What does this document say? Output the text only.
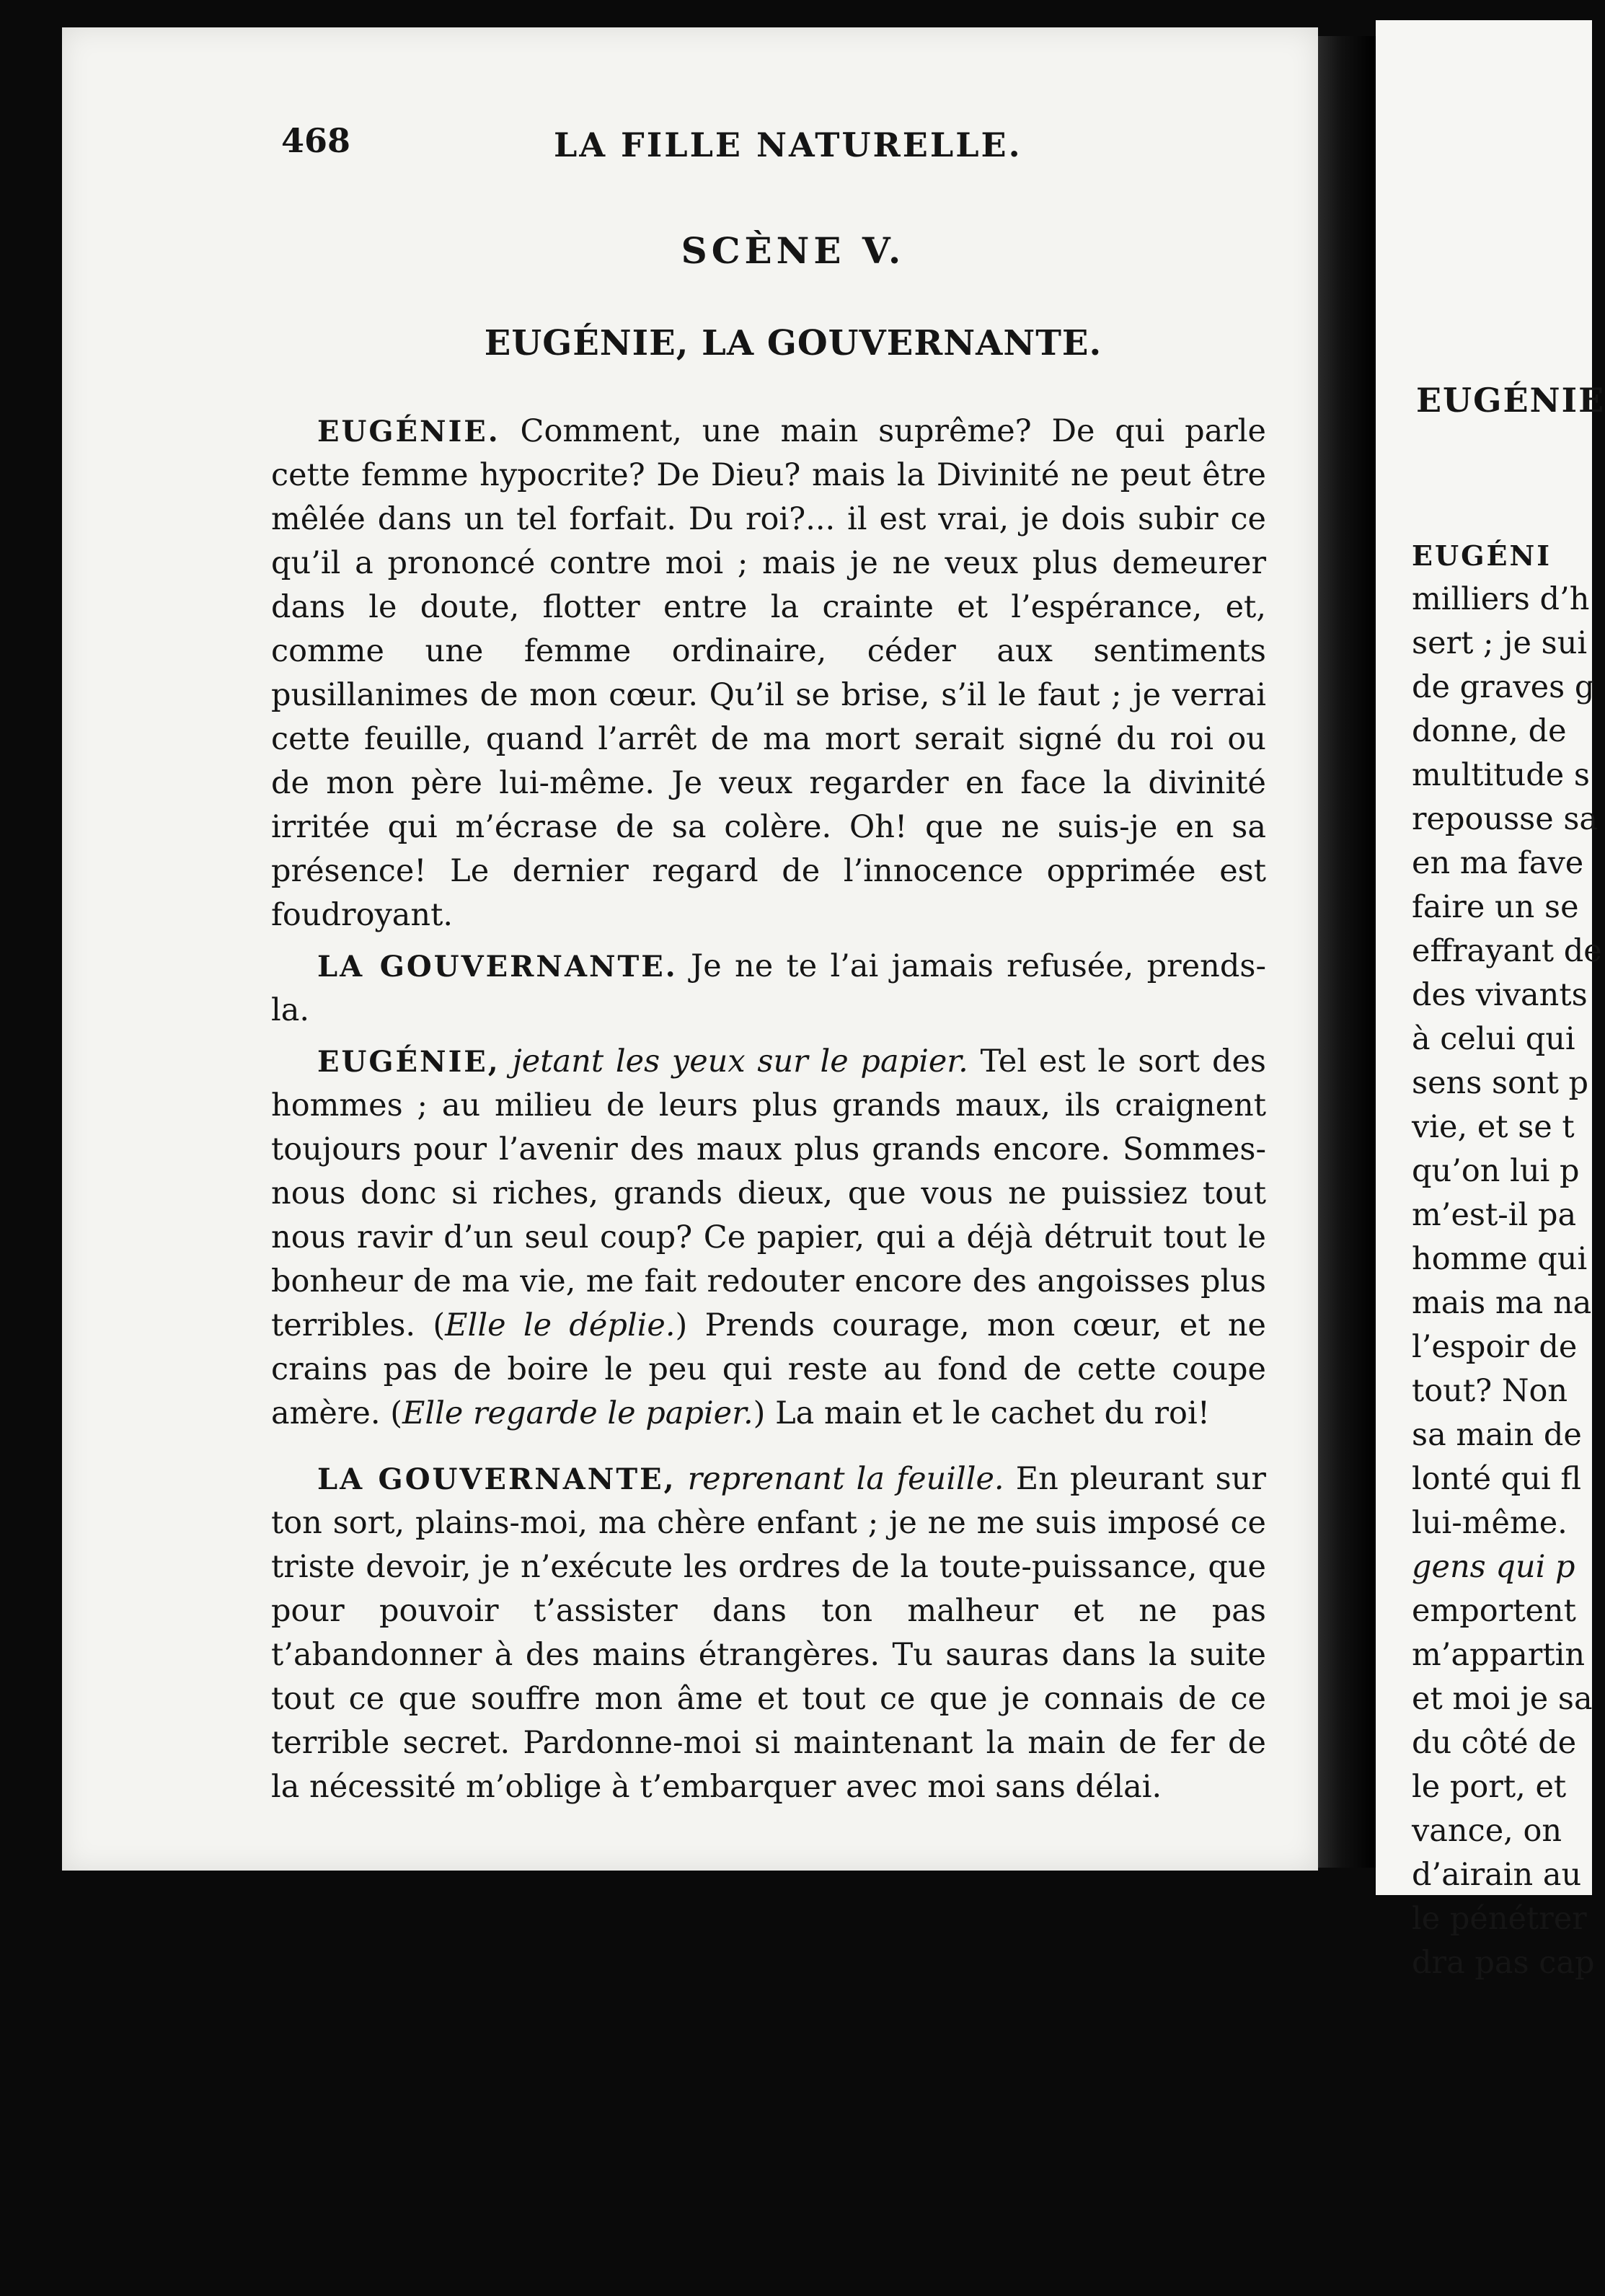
EUGÉNIE
EUGÉNI
milliers d’h
sert ; je sui
de graves g
donne, de
multitude s
repousse sa
en ma fave
faire un se
effrayant de
des vivants
à celui qui
sens sont p
vie, et se t
qu’on lui p
m’est-il pa
homme qui
mais ma na
l’espoir de
tout? Non
sa main de
lonté qui fl
lui-même.
gens qui p
emportent
m’appartin
et moi je sa
du côté de
le port, et
vance, on
d’airain au
le pénétrer
dra pas cap
468	LA FILLE NATURELLE.
SCÈNE V.
EUGÉNIE, LA GOUVERNANTE.

EUGÉNIE. Comment, une main suprême? De qui parle cette femme hypocrite? De Dieu? mais la Divinité ne peut être mêlée dans un tel forfait. Du roi?... il est vrai, je dois subir ce qu’il a prononcé contre moi ; mais je ne veux plus demeurer dans le doute, flotter entre la crainte et l’espérance, et, comme une femme ordinaire, céder aux sentiments pusillanimes de mon cœur. Qu’il se brise, s’il le faut ; je verrai cette feuille, quand l’arrêt de ma mort serait signé du roi ou de mon père lui-même. Je veux regarder en face la divinité irritée qui m’écrase de sa colère. Oh! que ne suis-je en sa présence! Le dernier regard de l’innocence opprimée est foudroyant.

LA GOUVERNANTE. Je ne te l’ai jamais refusée, prends-la.

EUGÉNIE, jetant les yeux sur le papier. Tel est le sort des hommes ; au milieu de leurs plus grands maux, ils craignent toujours pour l’avenir des maux plus grands encore. Sommes-nous donc si riches, grands dieux, que vous ne puissiez tout nous ravir d’un seul coup? Ce papier, qui a déjà détruit tout le bonheur de ma vie, me fait redouter encore des angoisses plus terribles. (Elle le déplie.) Prends courage, mon cœur, et ne crains pas de boire le peu qui reste au fond de cette coupe amère. (Elle regarde le papier.) La main et le cachet du roi!

LA GOUVERNANTE, reprenant la feuille. En pleurant sur ton sort, plains-moi, ma chère enfant ; je ne me suis imposé ce triste devoir, je n’exécute les ordres de la toute-puissance, que pour pouvoir t’assister dans ton malheur et ne pas t’abandonner à des mains étrangères. Tu sauras dans la suite tout ce que souffre mon âme et tout ce que je connais de ce terrible secret. Pardonne-moi si maintenant la main de fer de la nécessité m’oblige à t’embarquer avec moi sans délai.
